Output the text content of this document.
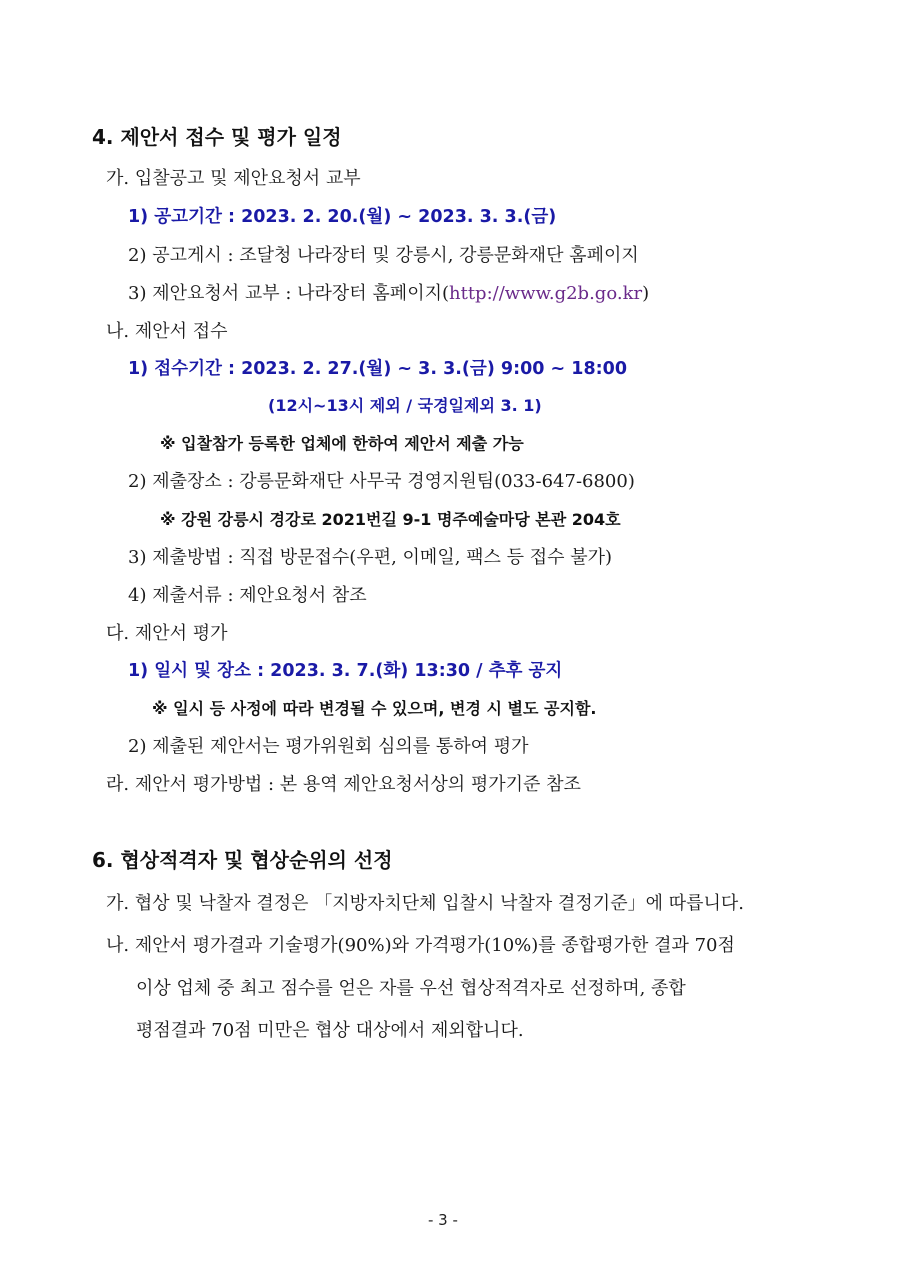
4. 제안서 접수 및 평가 일정
가. 입찰공고 및 제안요청서 교부
1) 공고기간 : 2023. 2. 20.(월) ~ 2023. 3. 3.(금)
2) 공고게시 : 조달청 나라장터 및 강릉시, 강릉문화재단 홈페이지
3) 제안요청서 교부 : 나라장터 홈페이지(http://www.g2b.go.kr)
나. 제안서 접수
1) 접수기간 : 2023. 2. 27.(월) ~ 3. 3.(금) 9:00 ~ 18:00
(12시~13시 제외 / 국경일제외 3. 1)
※ 입찰참가 등록한 업체에 한하여 제안서 제출 가능
2) 제출장소 : 강릉문화재단 사무국 경영지원팀(033-647-6800)
※ 강원 강릉시 경강로 2021번길 9-1 명주예술마당 본관 204호
3) 제출방법 : 직접 방문접수(우편, 이메일, 팩스 등 접수 불가)
4) 제출서류 : 제안요청서 참조
다. 제안서 평가
1) 일시 및 장소 : 2023. 3. 7.(화) 13:30 / 추후 공지
※ 일시 등 사정에 따라 변경될 수 있으며, 변경 시 별도 공지함.
2) 제출된 제안서는 평가위원회 심의를 통하여 평가
라. 제안서 평가방법 : 본 용역 제안요청서상의 평가기준 참조
6. 협상적격자 및 협상순위의 선정
가. 협상 및 낙찰자 결정은 「지방자치단체 입찰시 낙찰자 결정기준」에 따릅니다.
나. 제안서 평가결과 기술평가(90%)와 가격평가(10%)를 종합평가한 결과 70점
이상 업체 중 최고 점수를 얻은 자를 우선 협상적격자로 선정하며, 종합
평점결과 70점 미만은 협상 대상에서 제외합니다.
- 3 -
